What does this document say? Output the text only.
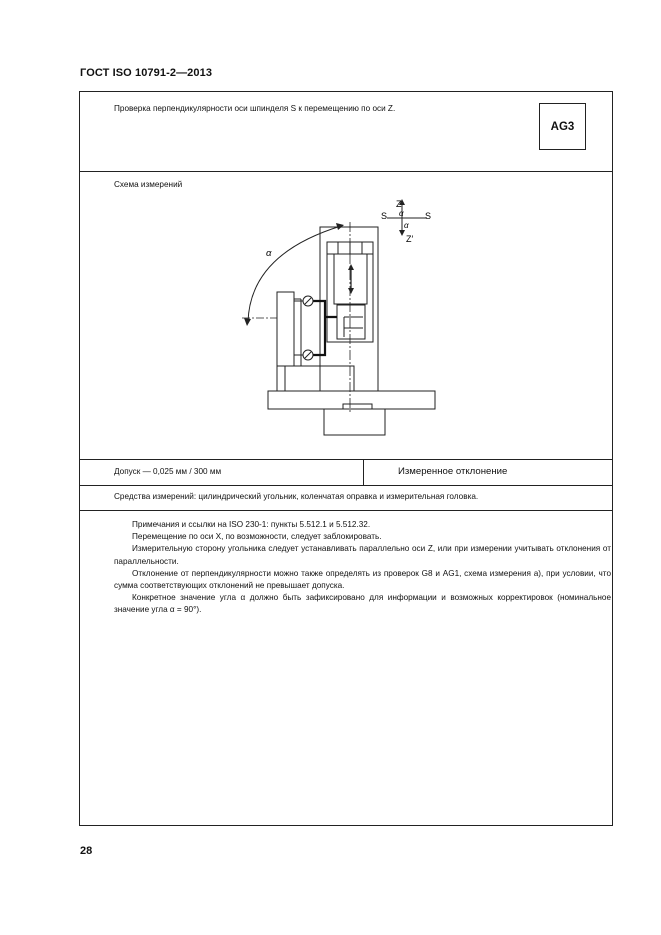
ГОСТ ISO 10791-2—2013
Проверка перпендикулярности оси шпинделя S к перемещению по оси Z.
AG3
Схема измерений
α
Z
S	S
α
α
Z′
Допуск — 0,025 мм / 300 мм	Измеренное отклонение
Средства измерений: цилиндрический угольник, коленчатая оправка и измерительная головка.

Примечания и ссылки на ISO 230-1: пункты 5.512.1 и 5.512.32.

Перемещение по оси X, по возможности, следует заблокировать.

Измерительную сторону угольника следует устанавливать параллельно оси Z, или при измерении учитывать отклонения от параллельности.

Отклонение от перпендикулярности можно также определять из проверок G8 и AG1, схема измерения а), при условии, что сумма соответствующих отклонений не превышает допуска.

Конкретное значение угла α должно быть зафиксировано для информации и возможных корректировок (номинальное значение угла α = 90°).

28
